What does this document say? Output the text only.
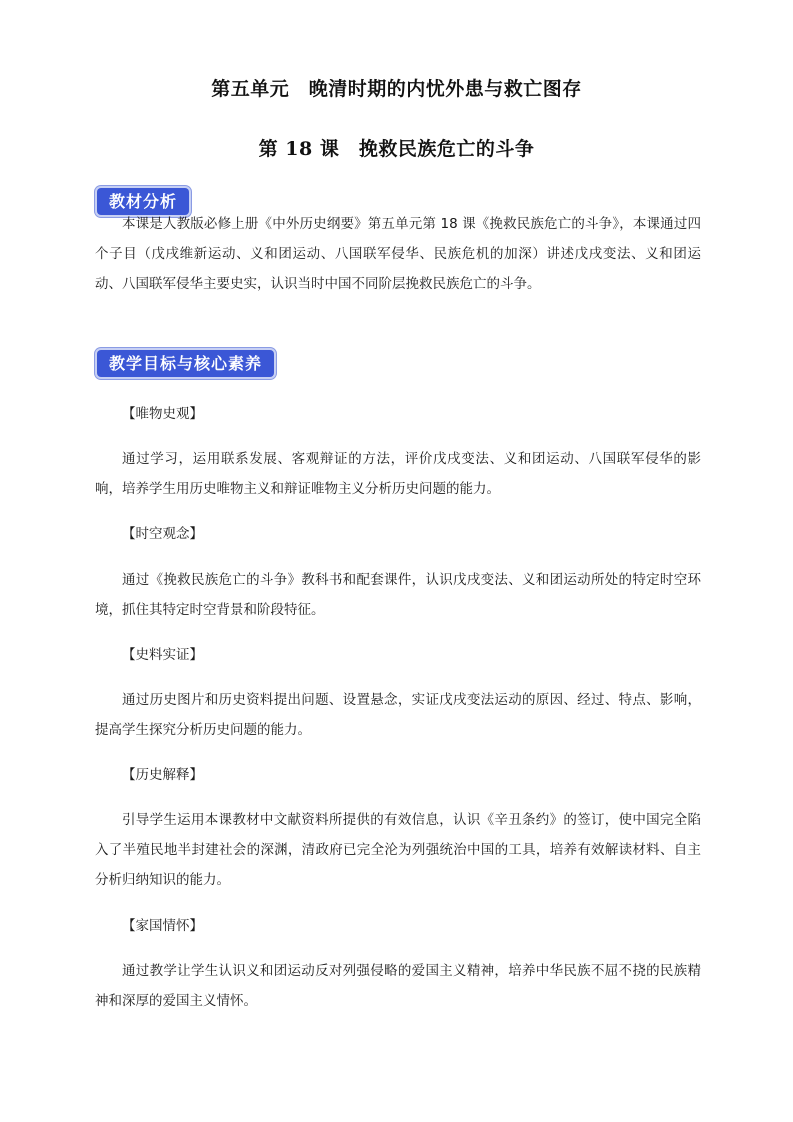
第五单元　晚清时期的内忧外患与救亡图存
第 18 课　挽救民族危亡的斗争
教材分析
本课是人教版必修上册《中外历史纲要》第五单元第 18 课《挽救民族危亡的斗争》，本课通过四个子目（戊戌维新运动、义和团运动、八国联军侵华、民族危机的加深）讲述戊戌变法、义和团运动、八国联军侵华主要史实，认识当时中国不同阶层挽救民族危亡的斗争。
教学目标与核心素养
【唯物史观】
通过学习，运用联系发展、客观辩证的方法，评价戊戌变法、义和团运动、八国联军侵华的影响，培养学生用历史唯物主义和辩证唯物主义分析历史问题的能力。
【时空观念】
通过《挽救民族危亡的斗争》教科书和配套课件，认识戊戌变法、义和团运动所处的特定时空环境，抓住其特定时空背景和阶段特征。
【史料实证】
通过历史图片和历史资料提出问题、设置悬念，实证戊戌变法运动的原因、经过、特点、影响，提高学生探究分析历史问题的能力。
【历史解释】
引导学生运用本课教材中文献资料所提供的有效信息，认识《辛丑条约》的签订，使中国完全陷入了半殖民地半封建社会的深渊，清政府已完全沦为列强统治中国的工具，培养有效解读材料、自主分析归纳知识的能力。
【家国情怀】
通过教学让学生认识义和团运动反对列强侵略的爱国主义精神，培养中华民族不屈不挠的民族精神和深厚的爱国主义情怀。
